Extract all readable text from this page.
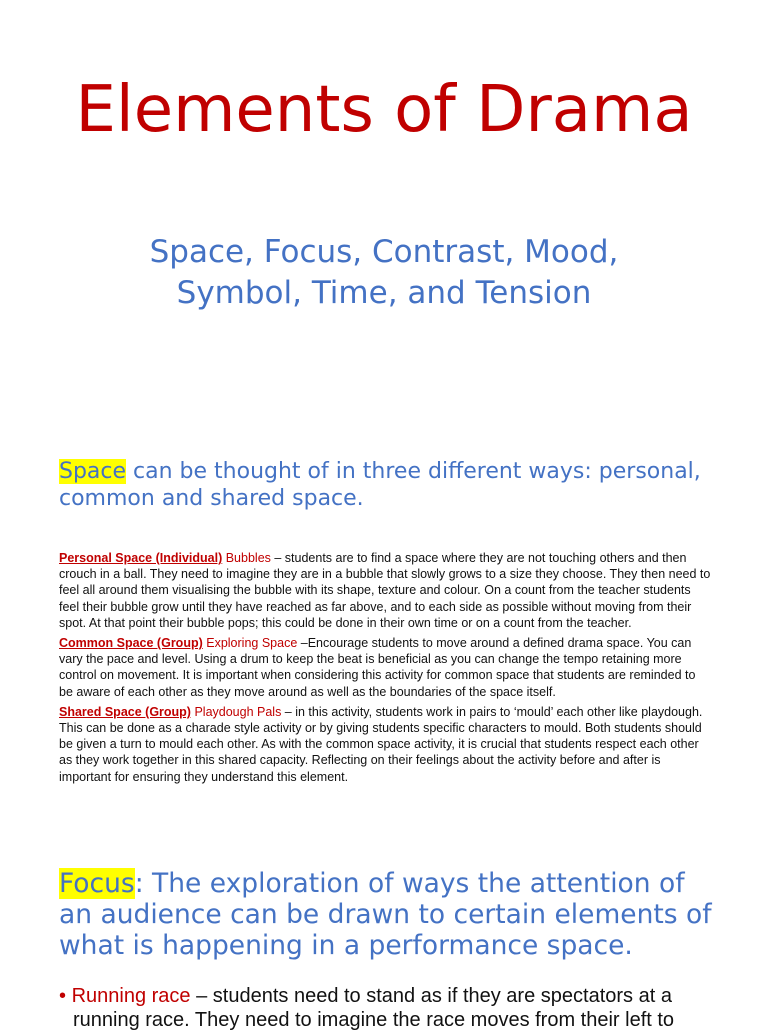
Elements of Drama
Space, Focus, Contrast, Mood,
Symbol, Time, and Tension
Space can be thought of in three different ways: personal, common and shared space.

Personal Space (Individual) Bubbles – students are to find a space where they are not touching others and then crouch in a ball. They need to imagine they are in a bubble that slowly grows to a size they choose. They then need to feel all around them visualising the bubble with its shape, texture and colour. On a count from the teacher students feel their bubble grow until they have reached as far above, and to each side as possible without moving from their spot. At that point their bubble pops; this could be done in their own time or on a count from the teacher.

Common Space (Group) Exploring Space –Encourage students to move around a defined drama space. You can vary the pace and level. Using a drum to keep the beat is beneficial as you can change the tempo retaining more control on movement. It is important when considering this activity for common space that students are reminded to be aware of each other as they move around as well as the boundaries of the space itself.

Shared Space (Group) Playdough Pals – in this activity, students work in pairs to ‘mould’ each other like playdough. This can be done as a charade style activity or by giving students specific characters to mould. Both students should be given a turn to mould each other. As with the common space activity, it is crucial that students respect each other as they work together in this shared capacity. Reflecting on their feelings about the activity before and after is important for ensuring they understand this element.

Focus: The exploration of ways the attention of an audience can be drawn to certain elements of what is happening in a performance space.
• Running race – students need to stand as if they are spectators at a
running race. They need to imagine the race moves from their left to
